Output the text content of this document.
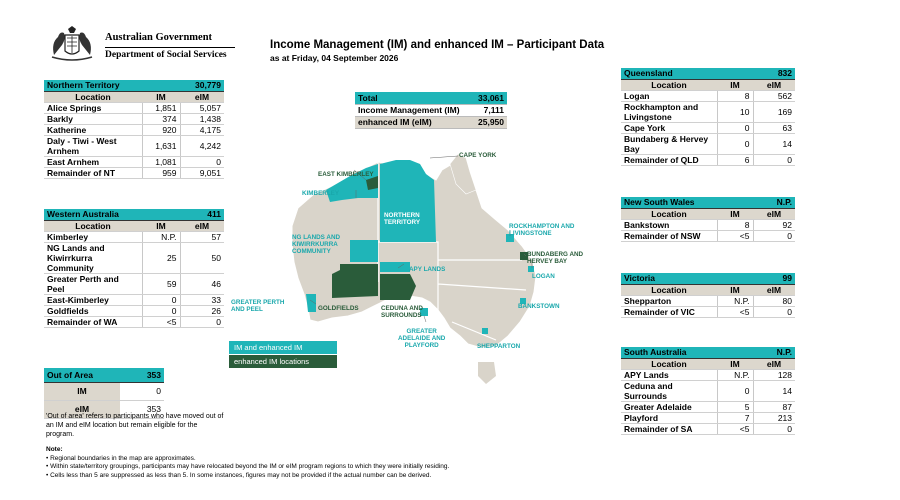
Australian Government
Department of Social Services
Income Management (IM) and enhanced IM – Participant Data
as at Friday, 04 September 2026
Northern Territory		30,779
Location	IM	eIM
Alice Springs	1,851	5,057
Barkly	374	1,438
Katherine	920	4,175
Daly - Tiwi - West Arnhem	1,631	4,242
East Arnhem	1,081	0
Remainder of NT	959	9,051
Western Australia		411
Location	IM	eIM
Kimberley	N.P.	57
NG Lands and Kiwirrkurra Community	25	50
Greater Perth and Peel	59	46
East-Kimberley	0	33
Goldfields	0	26
Remainder of WA	<5	0
Out of Area	353
IM	0
eIM	353
'Out of area' refers to participants who have moved out of an IM and eIM location but remain eligible for the program.
Total	33,061
Income Management (IM)	7,111
enhanced IM (eIM)	25,950
Queensland		832
Location	IM	eIM
Logan	8	562
Rockhampton and Livingstone	10	169
Cape York	0	63
Bundaberg & Hervey Bay	0	14
Remainder of QLD	6	0
New South Wales		N.P.
Location	IM	eIM
Bankstown	8	92
Remainder of NSW	<5	0
Victoria		99
Location	IM	eIM
Shepparton	N.P.	80
Remainder of VIC	<5	0
South Australia		N.P.
Location	IM	eIM
APY Lands	N.P.	128
Ceduna and Surrounds	0	14
Greater Adelaide	5	87
Playford	7	213
Remainder of SA	<5	0
EAST KIMBERLEY
KIMBERLEY
NG LANDS AND
KIWIRRKURRA
COMMUNITY
NORTHERN
TERRITORY
CAPE YORK
ROCKHAMPTON AND
LIVINGSTONE
BUNDABERG AND
HERVEY BAY
LOGAN
APY LANDS
GREATER PERTH
AND PEEL	GOLDFIELDS	CEDUNA AND
SURROUNDS
BANKSTOWN
GREATER
ADELAIDE AND
PLAYFORD	SHEPPARTON
IM and enhanced IM
enhanced IM locations
Note:
• Regional boundaries in the map are approximates.
• Within state/territory groupings, participants may have relocated beyond the IM or eIM program regions to which they were initially residing.
• Cells less than 5 are suppressed as less than 5. In some instances, figures may not be provided if the actual number can be derived.
